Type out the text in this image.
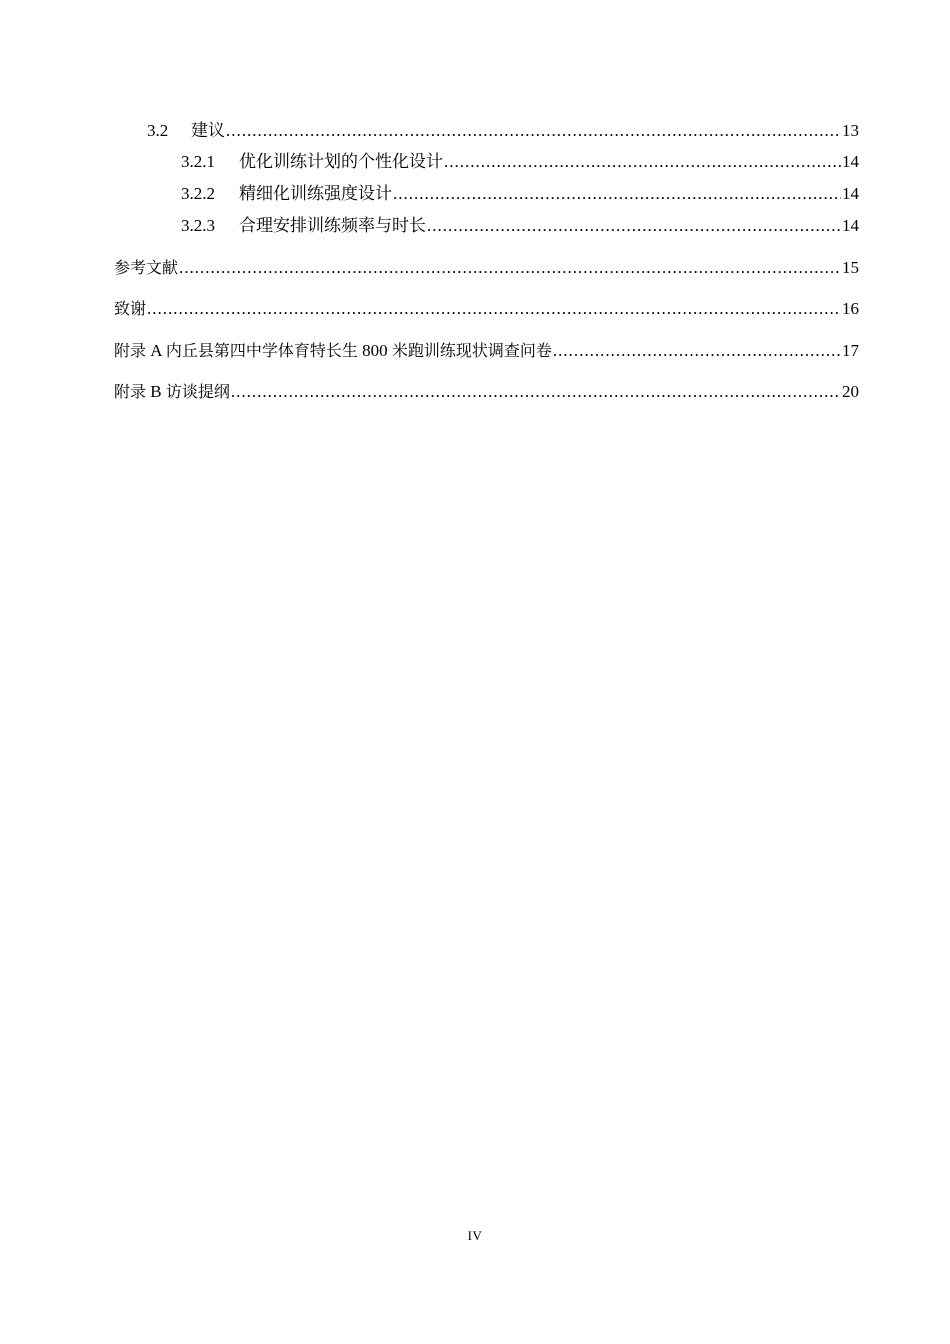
3.2	建议 .....	13
3.2.1	优化训练计划的个性化设计 .....	14
3.2.2	精细化训练强度设计 .....	14
3.2.3	合理安排训练频率与时长 .....	14
参考文献 .....	15
致谢 .....	16
附录 A 内丘县第四中学体育特长生 800 米跑训练现状调查问卷 .....	17
附录 B 访谈提纲 .....	20
IV
